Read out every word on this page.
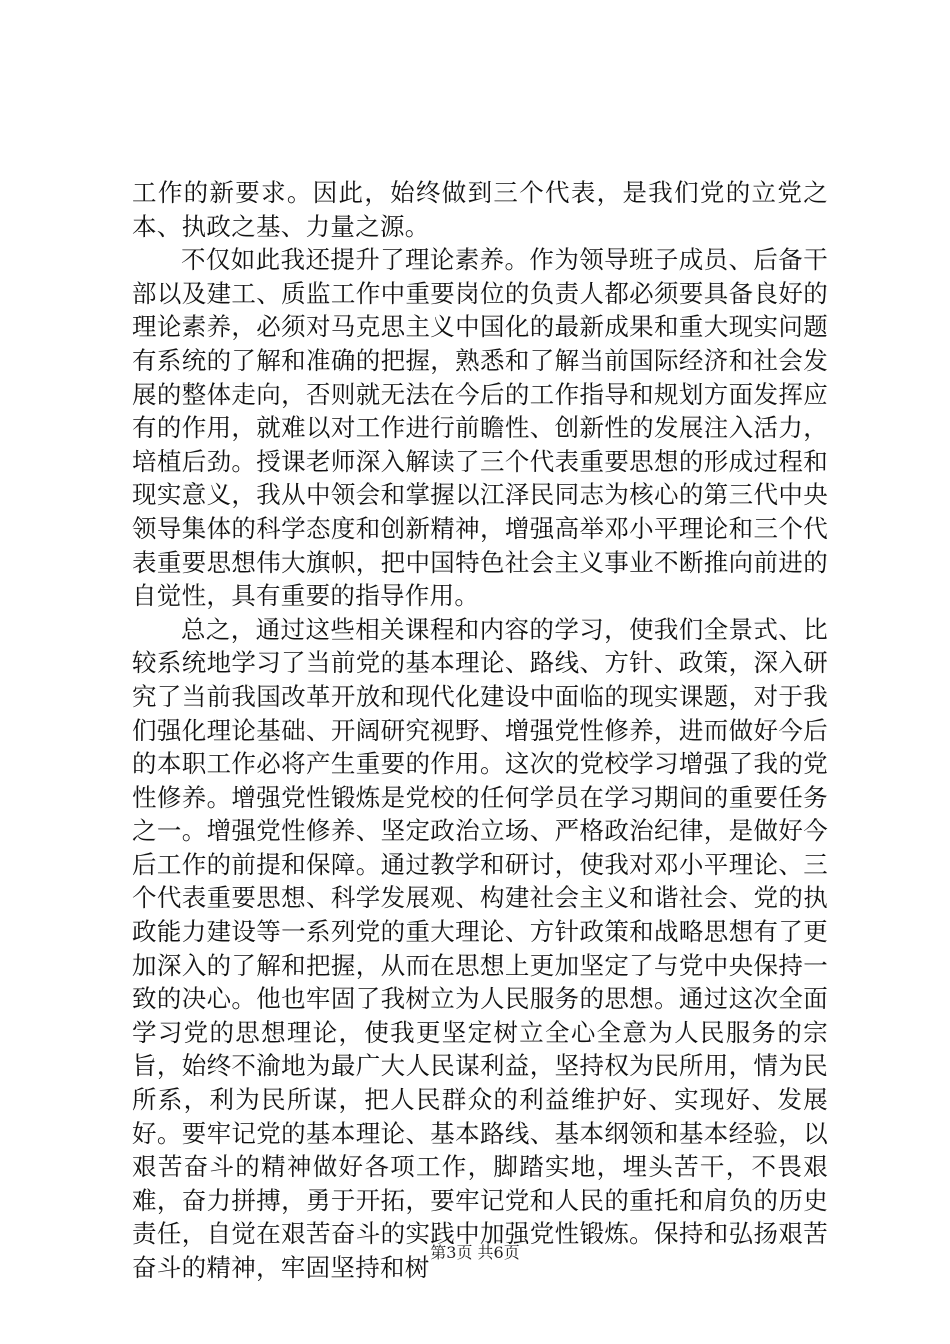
工作的新要求。因此，始终做到三个代表，是我们党的立党之本、执政之基、力量之源。

不仅如此我还提升了理论素养。作为领导班子成员、后备干部以及建工、质监工作中重要岗位的负责人都必须要具备良好的理论素养，必须对马克思主义中国化的最新成果和重大现实问题有系统的了解和准确的把握，熟悉和了解当前国际经济和社会发展的整体走向，否则就无法在今后的工作指导和规划方面发挥应有的作用，就难以对工作进行前瞻性、创新性的发展注入活力，培植后劲。授课老师深入解读了三个代表重要思想的形成过程和现实意义，我从中领会和掌握以江泽民同志为核心的第三代中央领导集体的科学态度和创新精神，增强高举邓小平理论和三个代表重要思想伟大旗帜，把中国特色社会主义事业不断推向前进的自觉性，具有重要的指导作用。

总之，通过这些相关课程和内容的学习，使我们全景式、比较系统地学习了当前党的基本理论、路线、方针、政策，深入研究了当前我国改革开放和现代化建设中面临的现实课题，对于我们强化理论基础、开阔研究视野、增强党性修养，进而做好今后的本职工作必将产生重要的作用。这次的党校学习增强了我的党性修养。增强党性锻炼是党校的任何学员在学习期间的重要任务之一。增强党性修养、坚定政治立场、严格政治纪律，是做好今后工作的前提和保障。通过教学和研讨，使我对邓小平理论、三个代表重要思想、科学发展观、构建社会主义和谐社会、党的执政能力建设等一系列党的重大理论、方针政策和战略思想有了更加深入的了解和把握，从而在思想上更加坚定了与党中央保持一致的决心。他也牢固了我树立为人民服务的思想。通过这次全面学习党的思想理论，使我更坚定树立全心全意为人民服务的宗旨，始终不渝地为最广大人民谋利益，坚持权为民所用，情为民所系，利为民所谋，把人民群众的利益维护好、实现好、发展好。要牢记党的基本理论、基本路线、基本纲领和基本经验，以艰苦奋斗的精神做好各项工作，脚踏实地，埋头苦干，不畏艰难，奋力拼搏，勇于开拓，要牢记党和人民的重托和肩负的历史责任，自觉在艰苦奋斗的实践中加强党性锻炼。保持和弘扬艰苦奋斗的精神，牢固坚持和树

第3页 共6页
